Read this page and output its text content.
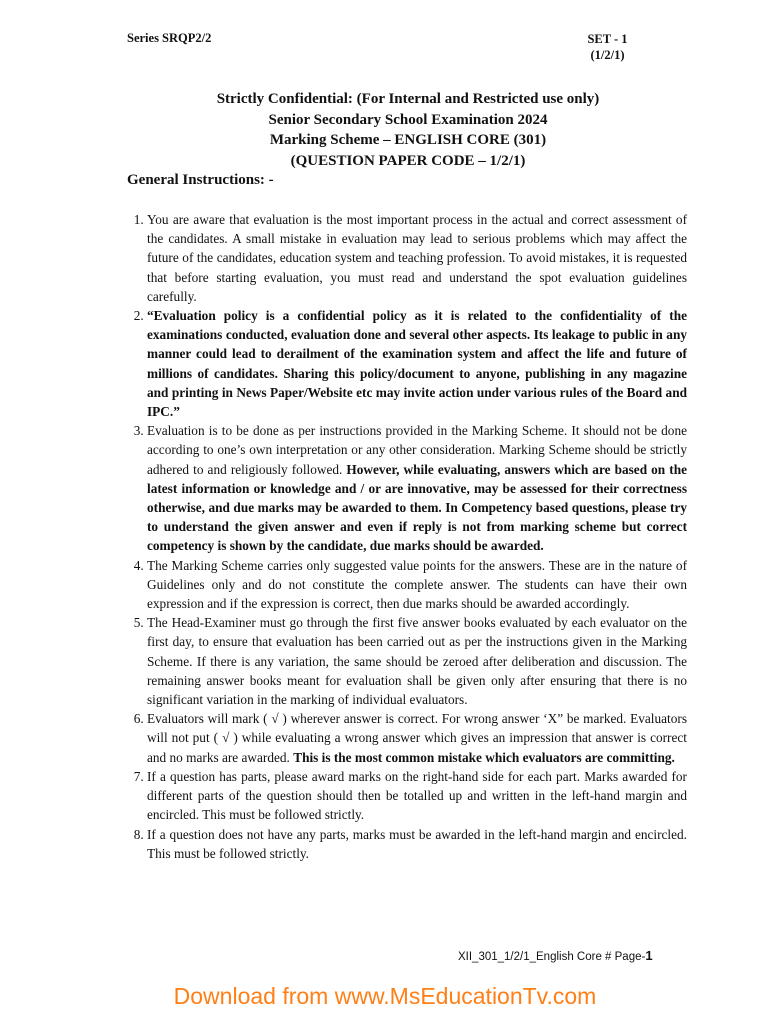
Series SRQP2/2	SET - 1
(1/2/1)
Strictly Confidential: (For Internal and Restricted use only)
Senior Secondary School Examination 2024
Marking Scheme – ENGLISH CORE (301)
(QUESTION PAPER CODE – 1/2/1)
General Instructions: -
1. You are aware that evaluation is the most important process in the actual and correct assessment of the candidates. A small mistake in evaluation may lead to serious problems which may affect the future of the candidates, education system and teaching profession. To avoid mistakes, it is requested that before starting evaluation, you must read and understand the spot evaluation guidelines carefully.
2. “Evaluation policy is a confidential policy as it is related to the confidentiality of the examinations conducted, evaluation done and several other aspects. Its leakage to public in any manner could lead to derailment of the examination system and affect the life and future of millions of candidates. Sharing this policy/document to anyone, publishing in any magazine and printing in News Paper/Website etc may invite action under various rules of the Board and IPC.”
3. Evaluation is to be done as per instructions provided in the Marking Scheme. It should not be done according to one’s own interpretation or any other consideration. Marking Scheme should be strictly adhered to and religiously followed. However, while evaluating, answers which are based on the latest information or knowledge and / or are innovative, may be assessed for their correctness otherwise, and due marks may be awarded to them. In Competency based questions, please try to understand the given answer and even if reply is not from marking scheme but correct competency is shown by the candidate, due marks should be awarded.
4. The Marking Scheme carries only suggested value points for the answers. These are in the nature of Guidelines only and do not constitute the complete answer. The students can have their own expression and if the expression is correct, then due marks should be awarded accordingly.
5. The Head-Examiner must go through the first five answer books evaluated by each evaluator on the first day, to ensure that evaluation has been carried out as per the instructions given in the Marking Scheme. If there is any variation, the same should be zeroed after deliberation and discussion. The remaining answer books meant for evaluation shall be given only after ensuring that there is no significant variation in the marking of individual evaluators.
6. Evaluators will mark ( √ ) wherever answer is correct. For wrong answer ‘X” be marked. Evaluators will not put ( √ ) while evaluating a wrong answer which gives an impression that answer is correct and no marks are awarded. This is the most common mistake which evaluators are committing.
7. If a question has parts, please award marks on the right-hand side for each part. Marks awarded for different parts of the question should then be totalled up and written in the left-hand margin and encircled. This must be followed strictly.
8. If a question does not have any parts, marks must be awarded in the left-hand margin and encircled. This must be followed strictly.
XII_301_1/2/1_English Core # Page-1
Download from www.MsEducationTv.com
